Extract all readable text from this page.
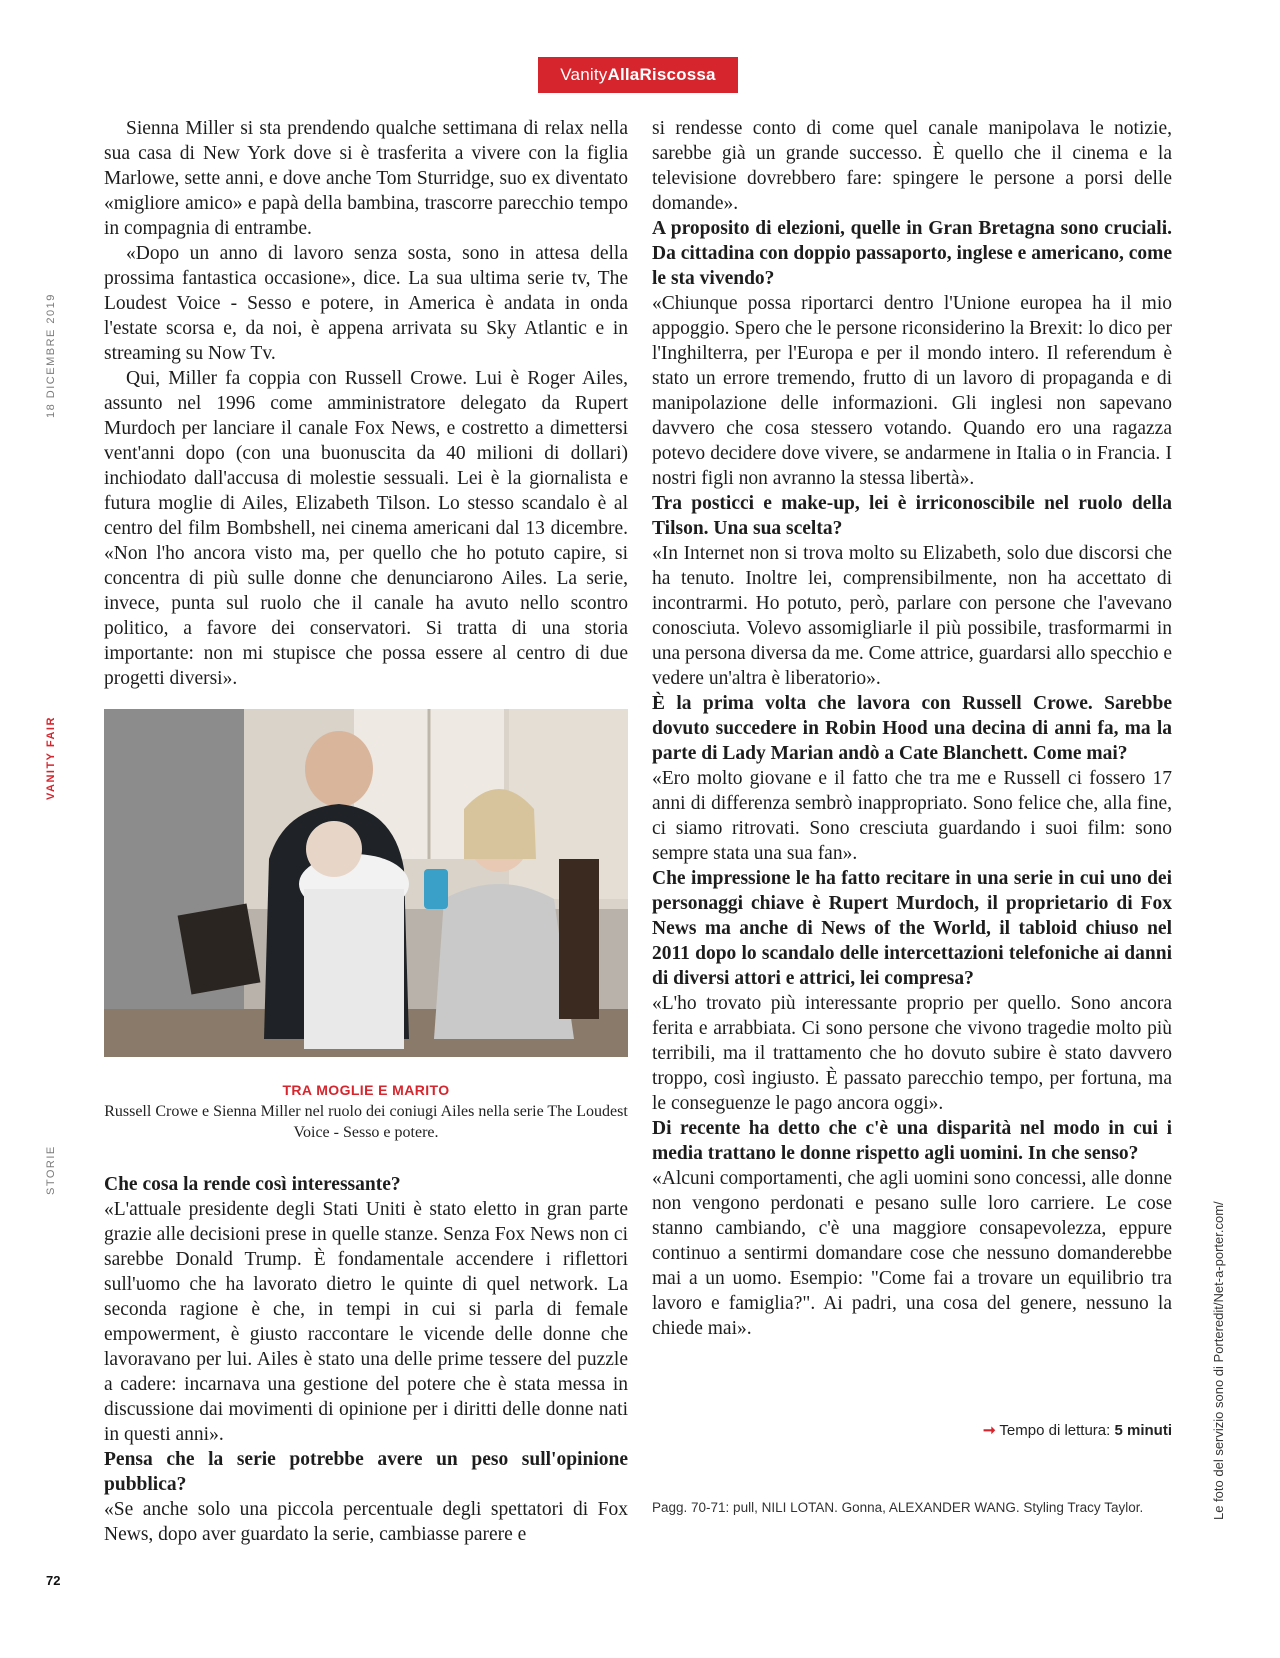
VanityAllaRiscossa
18 DICEMBRE 2019
VANITY FAIR
STORIE
Le foto del servizio sono di Porteredit/Net-a-porter.com/

Sienna Miller si sta prendendo qualche settimana di relax nella sua casa di New York dove si è trasferita a vivere con la figlia Marlowe, sette anni, e dove anche Tom Sturridge, suo ex diventato «migliore amico» e papà della bambina, trascorre parecchio tempo in compagnia di entrambe.

«Dopo un anno di lavoro senza sosta, sono in attesa della prossima fantastica occasione», dice. La sua ultima serie tv, The Loudest Voice - Sesso e potere, in America è andata in onda l'estate scorsa e, da noi, è appena arrivata su Sky Atlantic e in streaming su Now Tv.

Qui, Miller fa coppia con Russell Crowe. Lui è Roger Ailes, assunto nel 1996 come amministratore delegato da Rupert Murdoch per lanciare il canale Fox News, e costretto a dimettersi vent'anni dopo (con una buonuscita da 40 milioni di dollari) inchiodato dall'accusa di molestie sessuali. Lei è la giornalista e futura moglie di Ailes, Elizabeth Tilson. Lo stesso scandalo è al centro del film Bombshell, nei cinema americani dal 13 dicembre. «Non l'ho ancora visto ma, per quello che ho potuto capire, si concentra di più sulle donne che denunciarono Ailes. La serie, invece, punta sul ruolo che il canale ha avuto nello scontro politico, a favore dei conservatori. Si tratta di una storia importante: non mi stupisce che possa essere al centro di due progetti diversi».

TRA MOGLIE E MARITO
Russell Crowe e Sienna Miller nel ruolo dei coniugi Ailes nella serie The Loudest Voice - Sesso e potere.

Che cosa la rende così interessante?

«L'attuale presidente degli Stati Uniti è stato eletto in gran parte grazie alle decisioni prese in quelle stanze. Senza Fox News non ci sarebbe Donald Trump. È fondamentale accendere i riflettori sull'uomo che ha lavorato dietro le quinte di quel network. La seconda ragione è che, in tempi in cui si parla di female empowerment, è giusto raccontare le vicende delle donne che lavoravano per lui. Ailes è stato una delle prime tessere del puzzle a cadere: incarnava una gestione del potere che è stata messa in discussione dai movimenti di opinione per i diritti delle donne nati in questi anni».

Pensa che la serie potrebbe avere un peso sull'opinione pubblica?

«Se anche solo una piccola percentuale degli spettatori di Fox News, dopo aver guardato la serie, cambiasse parere e

si rendesse conto di come quel canale manipolava le notizie, sarebbe già un grande successo. È quello che il cinema e la televisione dovrebbero fare: spingere le persone a porsi delle domande».

A proposito di elezioni, quelle in Gran Bretagna sono cruciali. Da cittadina con doppio passaporto, inglese e americano, come le sta vivendo?

«Chiunque possa riportarci dentro l'Unione europea ha il mio appoggio. Spero che le persone riconsiderino la Brexit: lo dico per l'Inghilterra, per l'Europa e per il mondo intero. Il referendum è stato un errore tremendo, frutto di un lavoro di propaganda e di manipolazione delle informazioni. Gli inglesi non sapevano davvero che cosa stessero votando. Quando ero una ragazza potevo decidere dove vivere, se andarmene in Italia o in Francia. I nostri figli non avranno la stessa libertà».

Tra posticci e make-up, lei è irriconoscibile nel ruolo della Tilson. Una sua scelta?

«In Internet non si trova molto su Elizabeth, solo due discorsi che ha tenuto. Inoltre lei, comprensibilmente, non ha accettato di incontrarmi. Ho potuto, però, parlare con persone che l'avevano conosciuta. Volevo assomigliarle il più possibile, trasformarmi in una persona diversa da me. Come attrice, guardarsi allo specchio e vedere un'altra è liberatorio».

È la prima volta che lavora con Russell Crowe. Sarebbe dovuto succedere in Robin Hood una decina di anni fa, ma la parte di Lady Marian andò a Cate Blanchett. Come mai?

«Ero molto giovane e il fatto che tra me e Russell ci fossero 17 anni di differenza sembrò inappropriato. Sono felice che, alla fine, ci siamo ritrovati. Sono cresciuta guardando i suoi film: sono sempre stata una sua fan».

Che impressione le ha fatto recitare in una serie in cui uno dei personaggi chiave è Rupert Murdoch, il proprietario di Fox News ma anche di News of the World, il tabloid chiuso nel 2011 dopo lo scandalo delle intercettazioni telefoniche ai danni di diversi attori e attrici, lei compresa?

«L'ho trovato più interessante proprio per quello. Sono ancora ferita e arrabbiata. Ci sono persone che vivono tragedie molto più terribili, ma il trattamento che ho dovuto subire è stato davvero troppo, così ingiusto. È passato parecchio tempo, per fortuna, ma le conseguenze le pago ancora oggi».

Di recente ha detto che c'è una disparità nel modo in cui i media trattano le donne rispetto agli uomini. In che senso?

«Alcuni comportamenti, che agli uomini sono concessi, alle donne non vengono perdonati e pesano sulle loro carriere. Le cose stanno cambiando, c'è una maggiore consapevolezza, eppure continuo a sentirmi domandare cose che nessuno domanderebbe mai a un uomo. Esempio: "Come fai a trovare un equilibrio tra lavoro e famiglia?". Ai padri, una cosa del genere, nessuno la chiede mai».

➞ Tempo di lettura: 5 minuti
Pagg. 70-71: pull, NILI LOTAN. Gonna, ALEXANDER WANG. Styling Tracy Taylor.
72
